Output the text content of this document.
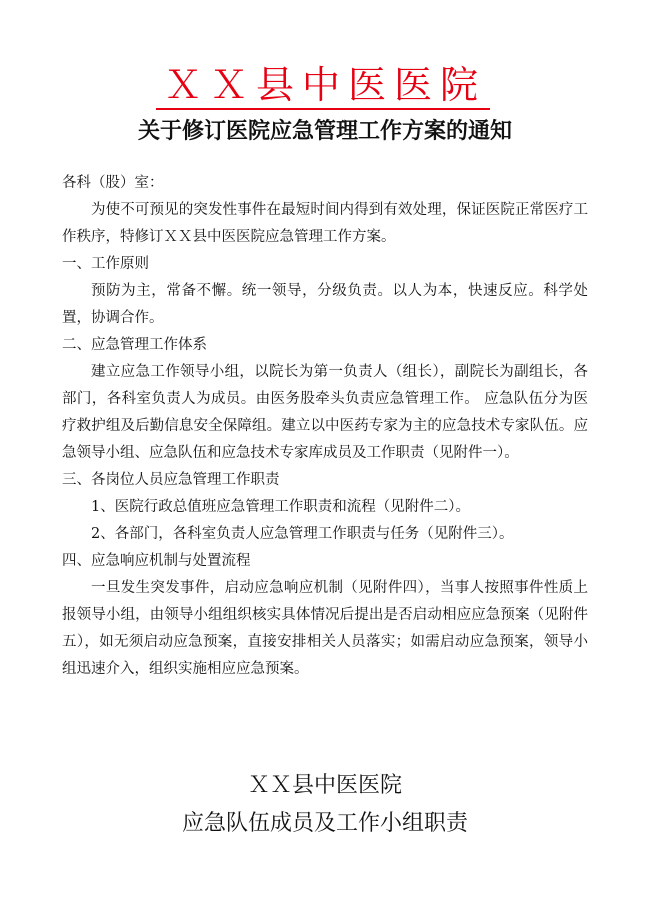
ＸＸ县中医医院
关于修订医院应急管理工作方案的通知

各科（股）室：

为使不可预见的突发性事件在最短时间内得到有效处理，保证医院正常医疗工作秩序，特修订ＸＸ县中医医院应急管理工作方案。

一、工作原则

预防为主，常备不懈。统一领导，分级负责。以人为本，快速反应。科学处置，协调合作。

二、应急管理工作体系

建立应急工作领导小组，以院长为第一负责人（组长），副院长为副组长，各部门，各科室负责人为成员。由医务股牵头负责应急管理工作。 应急队伍分为医疗救护组及后勤信息安全保障组。建立以中医药专家为主的应急技术专家队伍。应急领导小组、应急队伍和应急技术专家库成员及工作职责（见附件一）。

三、各岗位人员应急管理工作职责

1、医院行政总值班应急管理工作职责和流程（见附件二）。

2、各部门，各科室负责人应急管理工作职责与任务（见附件三）。

四、应急响应机制与处置流程

一旦发生突发事件，启动应急响应机制（见附件四），当事人按照事件性质上报领导小组，由领导小组组织核实具体情况后提出是否启动相应应急预案（见附件五），如无须启动应急预案，直接安排相关人员落实；如需启动应急预案，领导小组迅速介入，组织实施相应应急预案。

ＸＸ县中医医院
应急队伍成员及工作小组职责
